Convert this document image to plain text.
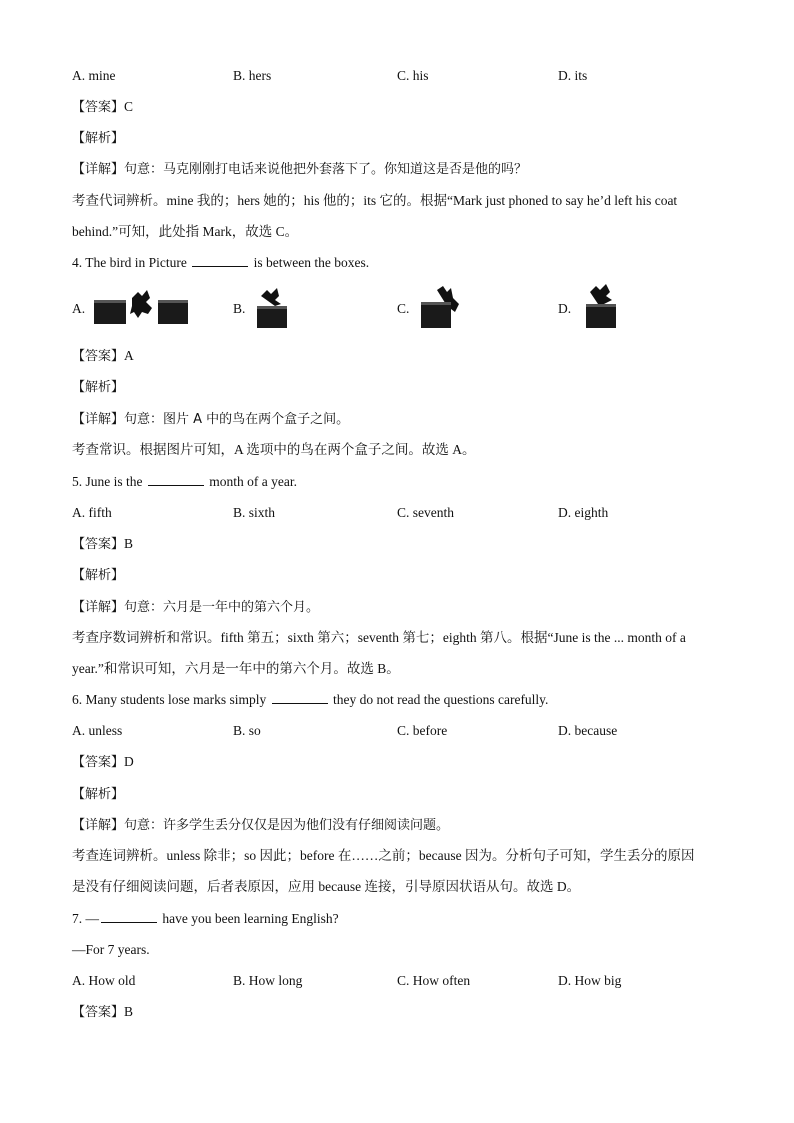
A. mine	B. hers	C. his	D. its
【答案】C
【解析】
【详解】句意：马克刚刚打电话来说他把外套落下了。你知道这是否是他的吗？
考查代词辨析。mine 我的；hers 她的；his 他的；its 它的。根据“Mark just phoned to say he’d left his coat
behind.”可知，此处指 Mark，故选 C。
4. The bird in Picture	is between the boxes.
A.	B.	C.	D.
【答案】A
【解析】
【详解】句意：图片 A 中的鸟在两个盒子之间。
考查常识。根据图片可知，A 选项中的鸟在两个盒子之间。故选 A。
5. June is the	month of a year.
A. fifth	B. sixth	C. seventh	D. eighth
【答案】B
【解析】
【详解】句意：六月是一年中的第六个月。
考查序数词辨析和常识。fifth 第五；sixth 第六；seventh 第七；eighth 第八。根据“June is the ... month of a
year.”和常识可知，六月是一年中的第六个月。故选 B。
6. Many students lose marks simply	they do not read the questions carefully.
A. unless	B. so	C. before	D. because
【答案】D
【解析】
【详解】句意：许多学生丢分仅仅是因为他们没有仔细阅读问题。
考查连词辨析。unless 除非；so 因此；before 在……之前；because 因为。分析句子可知，学生丢分的原因
是没有仔细阅读问题，后者表原因，应用 because 连接，引导原因状语从句。故选 D。
7. —	have you been learning English?
—For 7 years.
A. How old	B. How long	C. How often	D. How big
【答案】B
